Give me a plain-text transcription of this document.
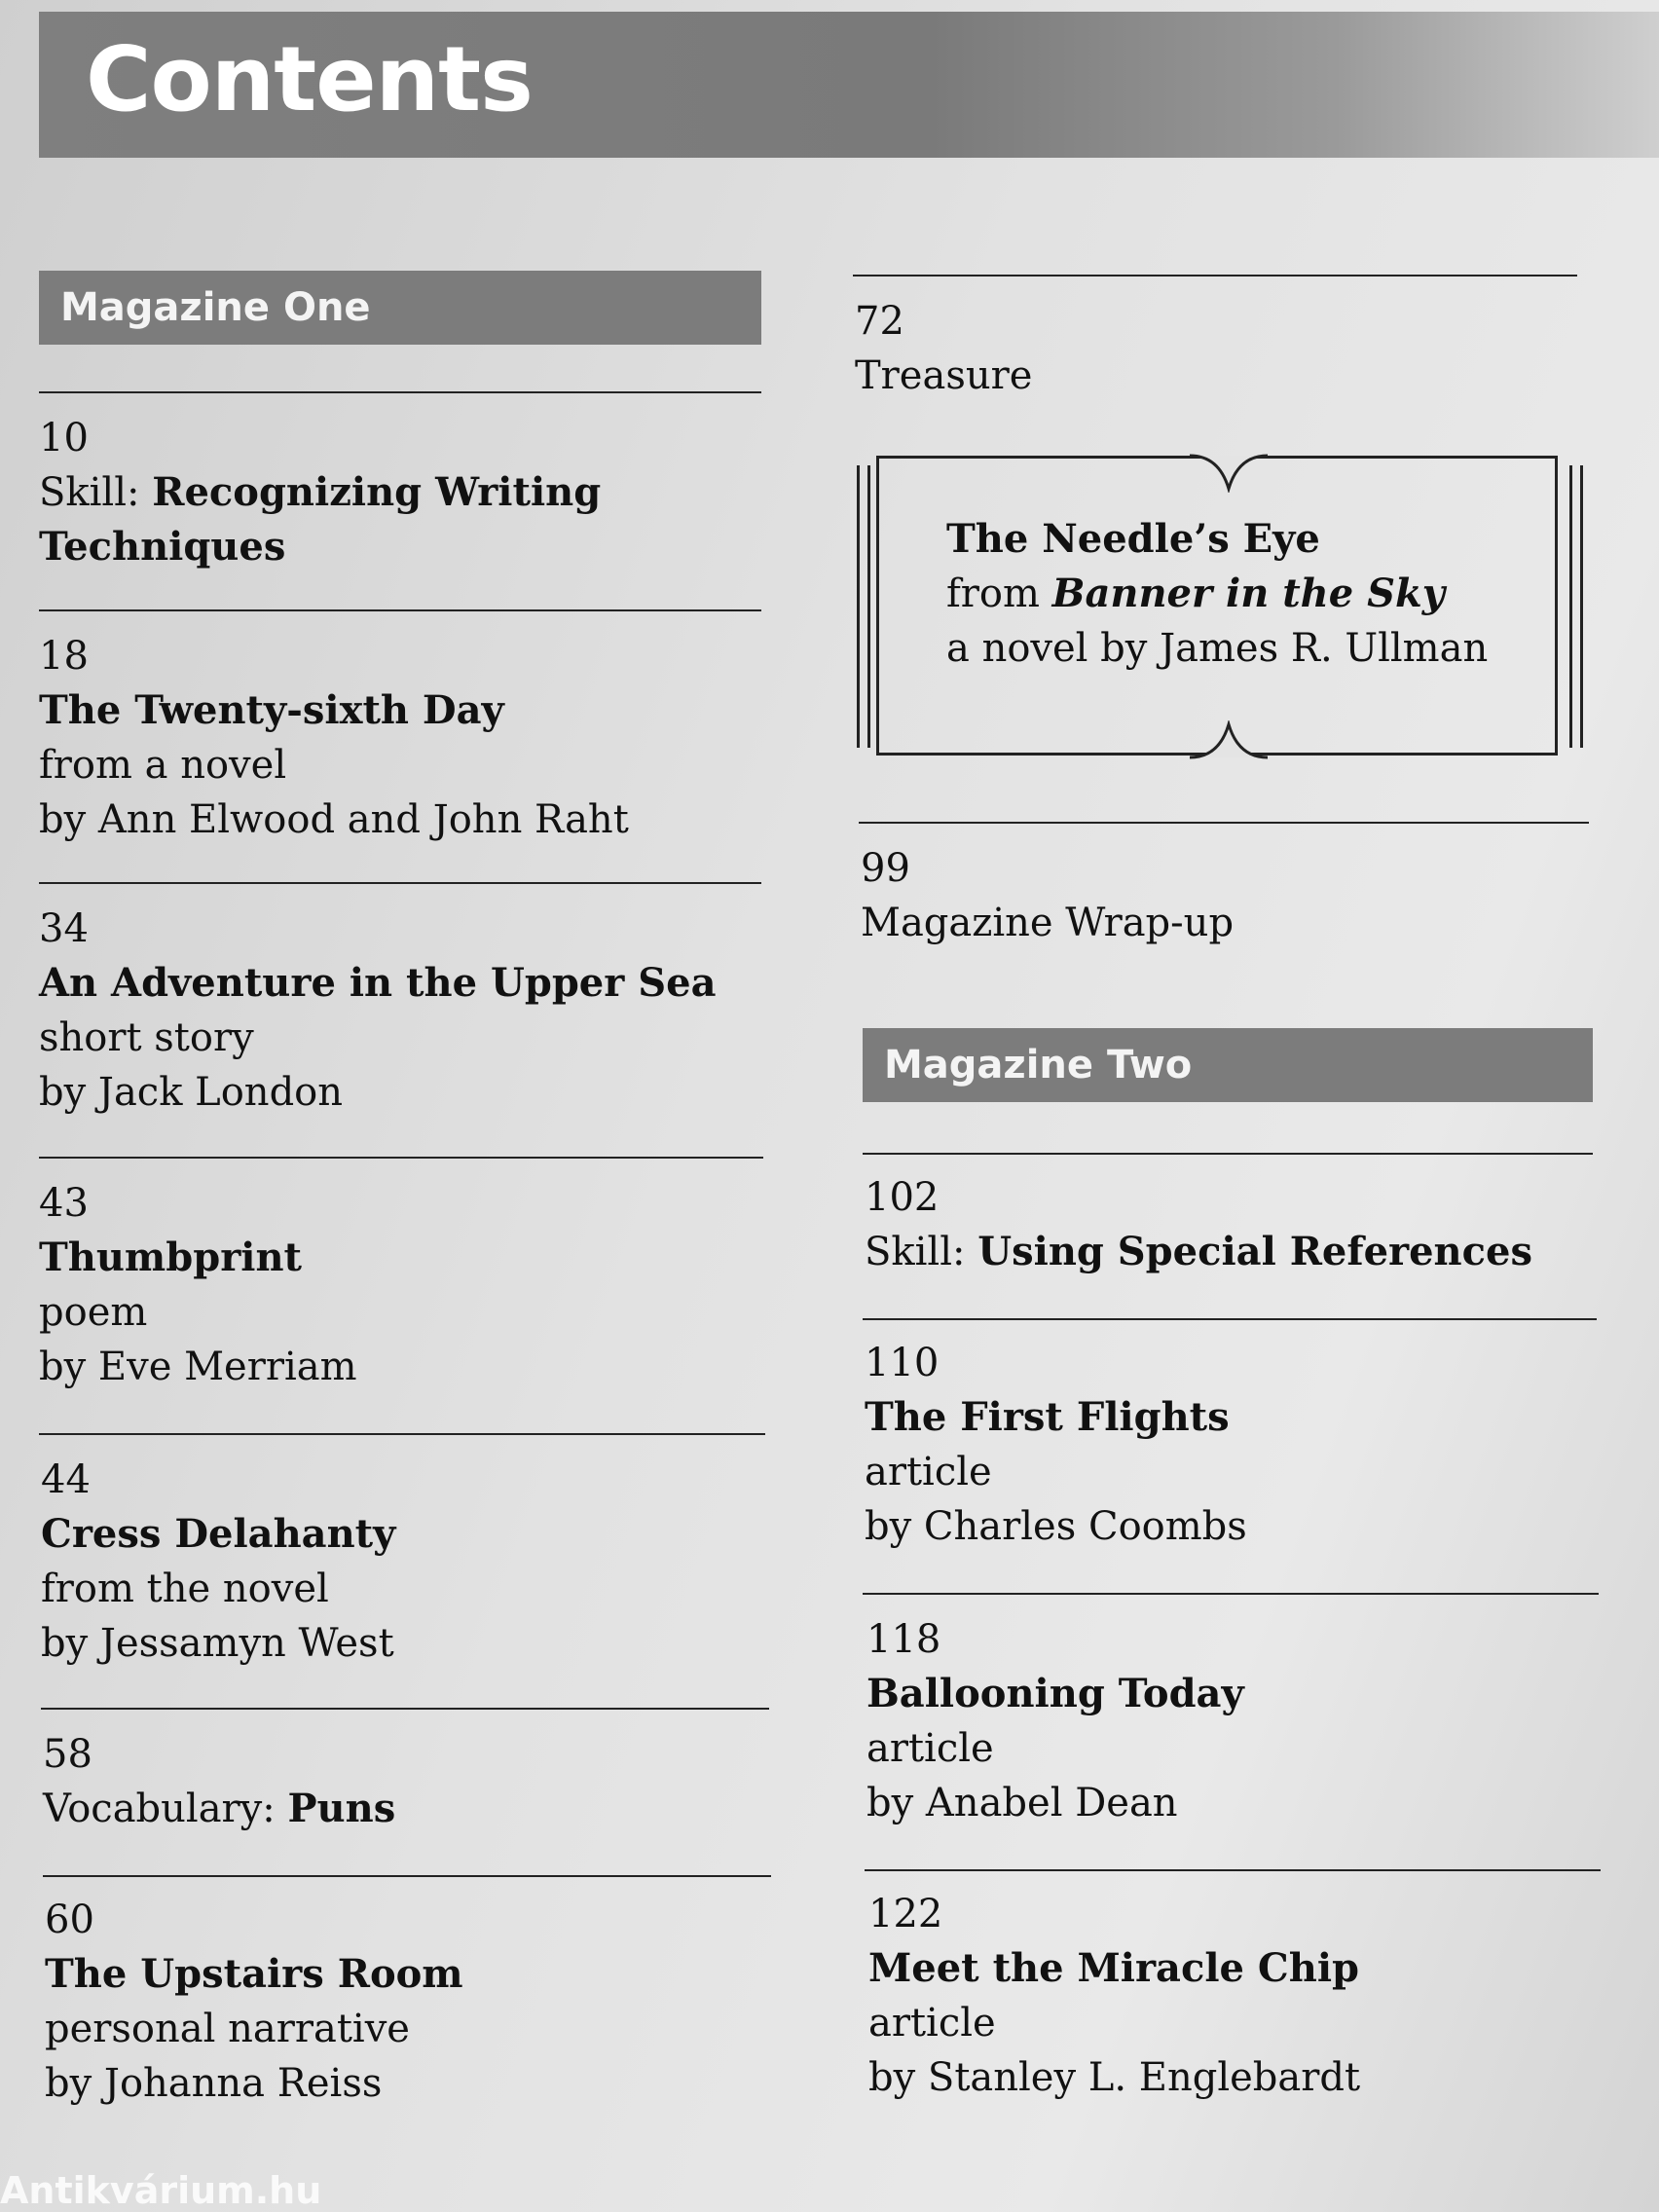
Contents
Magazine One
10
Skill: Recognizing Writing
Techniques
18
The Twenty-sixth Day
from a novel
by Ann Elwood and John Raht
34
An Adventure in the Upper Sea
short story
by Jack London
43
Thumbprint
poem
by Eve Merriam
44
Cress Delahanty
from the novel
by Jessamyn West
58
Vocabulary: Puns
60
The Upstairs Room
personal narrative
by Johanna Reiss
72
Treasure
The Needle’s Eye
from Banner in the Sky
a novel by James R. Ullman
99
Magazine Wrap-up
Magazine Two
102
Skill: Using Special References
110
The First Flights
article
by Charles Coombs
118
Ballooning Today
article
by Anabel Dean
122
Meet the Miracle Chip
article
by Stanley L. Englebardt
Antikvárium.hu
